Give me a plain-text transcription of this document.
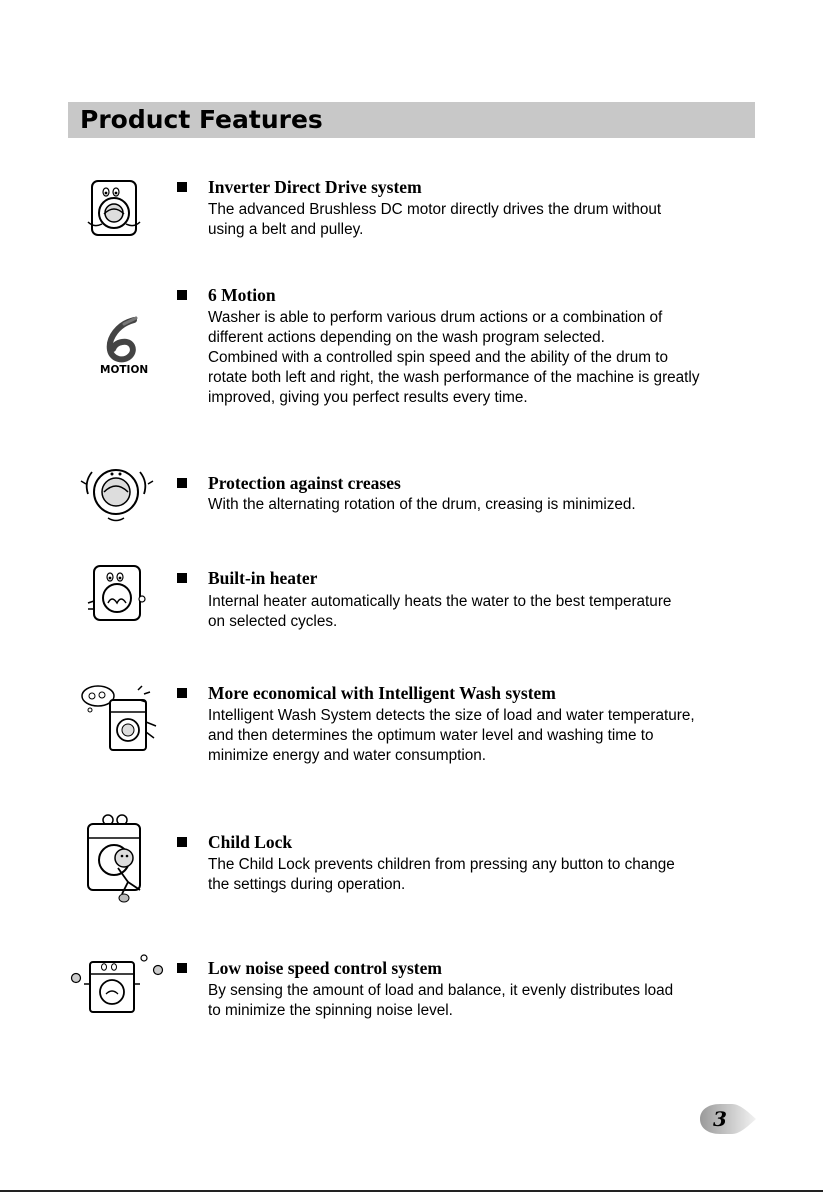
Product Features
Inverter Direct Drive system
The advanced Brushless DC motor directly drives the drum without
using a belt and pulley.
MOTION
6 Motion
Washer is able to perform various drum actions or a combination of
different actions depending on the wash program selected.
Combined with a controlled spin speed and the ability of the drum to
rotate both left and right, the wash performance of the machine is greatly
improved, giving you perfect results every time.
Protection against creases
With the alternating rotation of the drum, creasing is minimized.
Built-in heater
Internal heater automatically heats the water to the best temperature
on selected cycles.
More economical with Intelligent Wash system
Intelligent Wash System detects the size of load and water temperature,
and then determines the optimum water level and washing time to
minimize energy and water consumption.
Child Lock
The Child Lock prevents children from pressing any button to change
the settings during operation.
Low noise speed control system
By sensing the amount of load and balance, it evenly distributes load
to minimize the spinning noise level.
3
